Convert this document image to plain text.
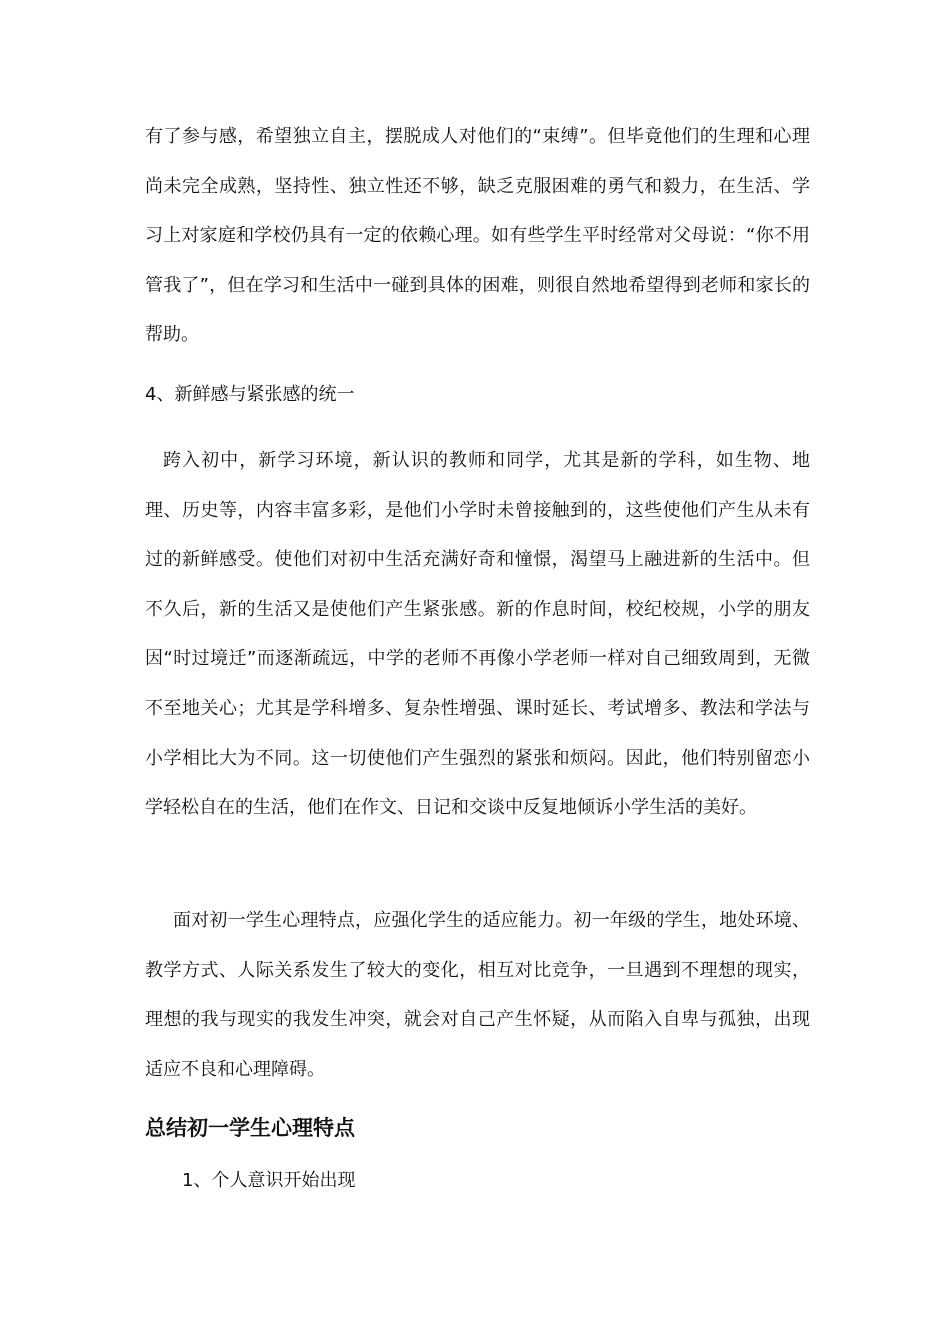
有了参与感，希望独立自主，摆脱成人对他们的“束缚”。但毕竟他们的生理和心理尚未完全成熟，坚持性、独立性还不够，缺乏克服困难的勇气和毅力，在生活、学习上对家庭和学校仍具有一定的依赖心理。如有些学生平时经常对父母说：“你不用管我了”，但在学习和生活中一碰到具体的困难，则很自然地希望得到老师和家长的帮助。

4、新鲜感与紧张感的统一

跨入初中，新学习环境，新认识的教师和同学，尤其是新的学科，如生物、地理、历史等，内容丰富多彩，是他们小学时未曾接触到的，这些使他们产生从未有过的新鲜感受。使他们对初中生活充满好奇和憧憬，渴望马上融进新的生活中。但不久后，新的生活又是使他们产生紧张感。新的作息时间，校纪校规，小学的朋友因“时过境迁”而逐渐疏远，中学的老师不再像小学老师一样对自己细致周到，无微不至地关心；尤其是学科增多、复杂性增强、课时延长、考试增多、教法和学法与小学相比大为不同。这一切使他们产生强烈的紧张和烦闷。因此，他们特别留恋小学轻松自在的生活，他们在作文、日记和交谈中反复地倾诉小学生活的美好。

面对初一学生心理特点，应强化学生的适应能力。初一年级的学生，地处环境、教学方式、人际关系发生了较大的变化，相互对比竞争，一旦遇到不理想的现实，理想的我与现实的我发生冲突，就会对自己产生怀疑，从而陷入自卑与孤独，出现适应不良和心理障碍。

总结初一学生心理特点

1、个人意识开始出现
